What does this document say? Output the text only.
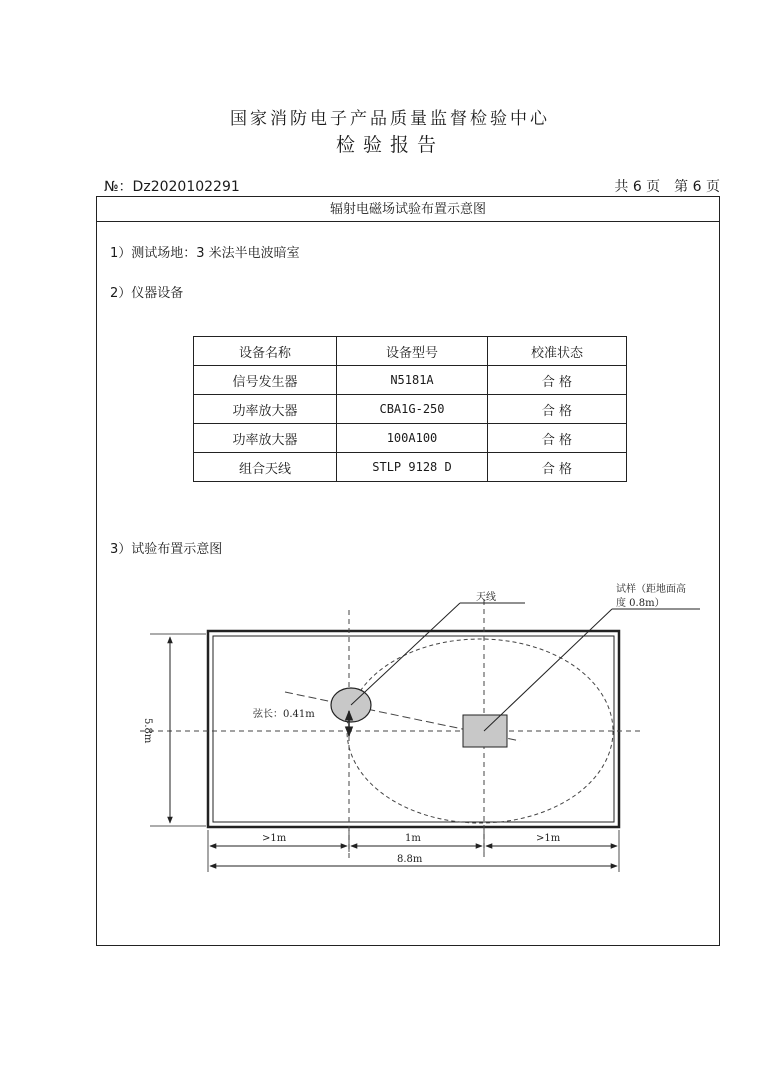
国家消防电子产品质量监督检验中心
检验报告
№：Dz2020102291	共 6 页　第 6 页
辐射电磁场试验布置示意图
1）测试场地：3 米法半电波暗室
2）仪器设备
设备名称	设备型号	校准状态
信号发生器	N5181A	合 格
功率放大器	CBA1G-250	合 格
功率放大器	100A100	合 格
组合天线	STLP 9128 D	合 格
3）试验布置示意图
天线
试样（距地面高
度 0.8m）
弦长：0.41m
5.8m
>1m	1m	>1m
8.8m
